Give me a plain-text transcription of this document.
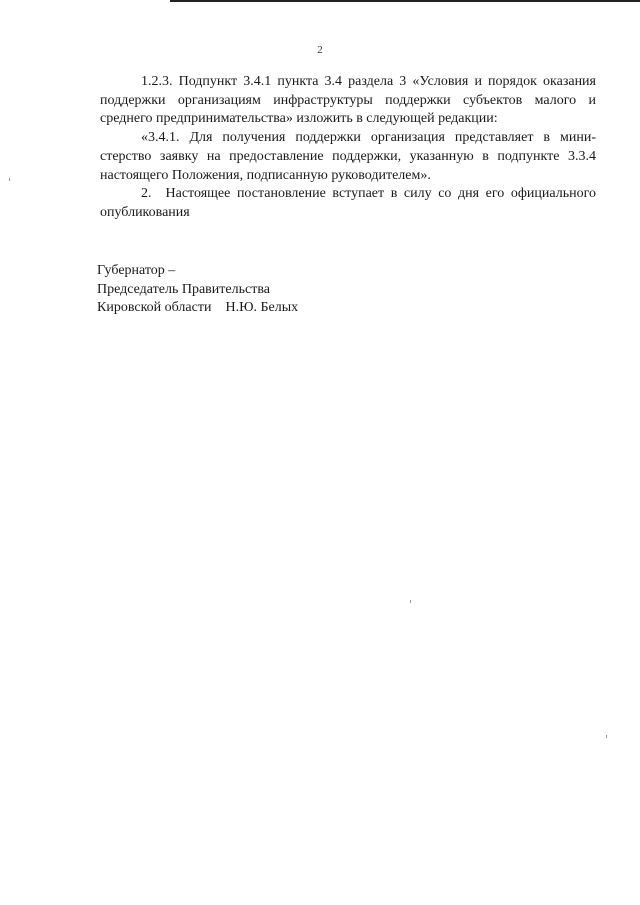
2

1.2.3. Подпункт 3.4.1 пункта 3.4 раздела 3 «Условия и порядок оказания поддержки организациям инфраструктуры поддержки субъектов малого и среднего предпринимательства» изложить в следующей редакции:

«3.4.1. Для получения поддержки организация представляет в министерство заявку на предоставление поддержки, указанную в подпункте 3.3.4 настоящего Положения, подписанную руководителем».

2. Настоящее постановление вступает в силу со дня его официального опубликования

Губернатор –
Председатель Правительства
Кировской области    Н.Ю. Белых
